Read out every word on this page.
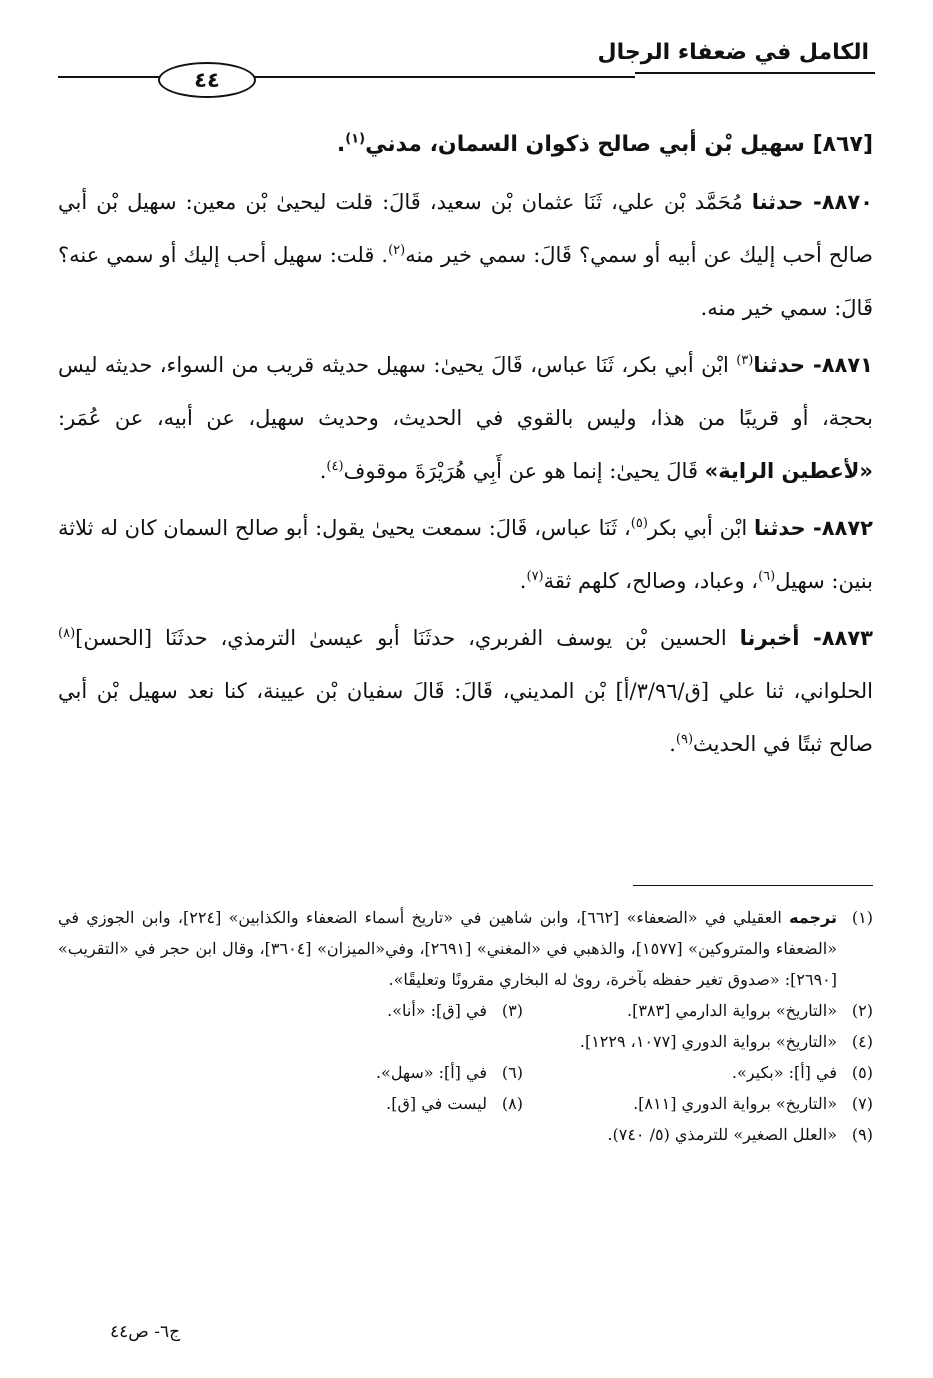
الكامل في ضعفاء الرجال
٤٤
[٨٦٧] سهيل بْن أبي صالح ذكوان السمان، مدني$^{(١)}$.

٨٨٧٠- حدثنا مُحَمَّد بْن علي، ثَنَا عثمان بْن سعيد، قَالَ: قلت ليحيىٰ بْن معين: سهيل بْن أبي صالح أحب إليك عن أبيه أو سمي؟ قَالَ: سمي خير منه$^{(٢)}$. قلت: سهيل أحب إليك أو سمي عنه؟ قَالَ: سمي خير منه.

٨٨٧١- حدثنا$^{(٣)}$ ابْن أبي بكر، ثَنَا عباس، قَالَ يحيىٰ: سهيل حديثه قريب من السواء، حديثه ليس بحجة، أو قريبًا من هذا، وليس بالقوي في الحديث، وحديث سهيل، عن أبيه، عن عُمَر: «لأعطين الراية» قَالَ يحيىٰ: إنما هو عن أَبِي هُرَيْرَةَ موقوف$^{(٤)}$.

٨٨٧٢- حدثنا ابْن أبي بكر$^{(٥)}$، ثَنَا عباس، قَالَ: سمعت يحيىٰ يقول: أبو صالح السمان كان له ثلاثة بنين: سهيل$^{(٦)}$، وعباد، وصالح، كلهم ثقة$^{(٧)}$.

٨٨٧٣- أخبرنا الحسين بْن يوسف الفربري، حدثَنَا أبو عيسىٰ الترمذي، حدثَنَا [الحسن]$^{(٨)}$ الحلواني، ثنا علي [ق/٣/٩٦/أ] بْن المديني، قَالَ: قَالَ سفيان بْن عيينة، كنا نعد سهيل بْن أبي صالح ثبتًا في الحديث$^{(٩)}$.

(١)
ترجمه العقيلي في «الضعفاء» [٦٦٢]، وابن شاهين في «تاريخ أسماء الضعفاء والكذابين» [٢٢٤]، وابن الجوزي في «الضعفاء والمتروكين» [١٥٧٧]، والذهبي في «المغني» [٢٦٩١]، وفي«الميزان» [٣٦٠٤]، وقال ابن حجر في «التقريب» [٢٦٩٠]: «صدوق تغير حفظه بآخرة، روىٰ له البخاري مقرونًا وتعليقًا».
(٢)
«التاريخ» برواية الدارمي [٣٨٣].
(٣)
في [ق]: «أنا».
(٤)
«التاريخ» برواية الدوري [١٠٧٧، ١٢٢٩].
(٥)
في [أ]: «بكير».
(٦)
في [أ]: «سهل».
(٧)
«التاريخ» برواية الدوري [٨١١].
(٨)
ليست في [ق].
(٩)
«العلل الصغير» للترمذي (٥/ ٧٤٠).
ج٦- ص٤٤
